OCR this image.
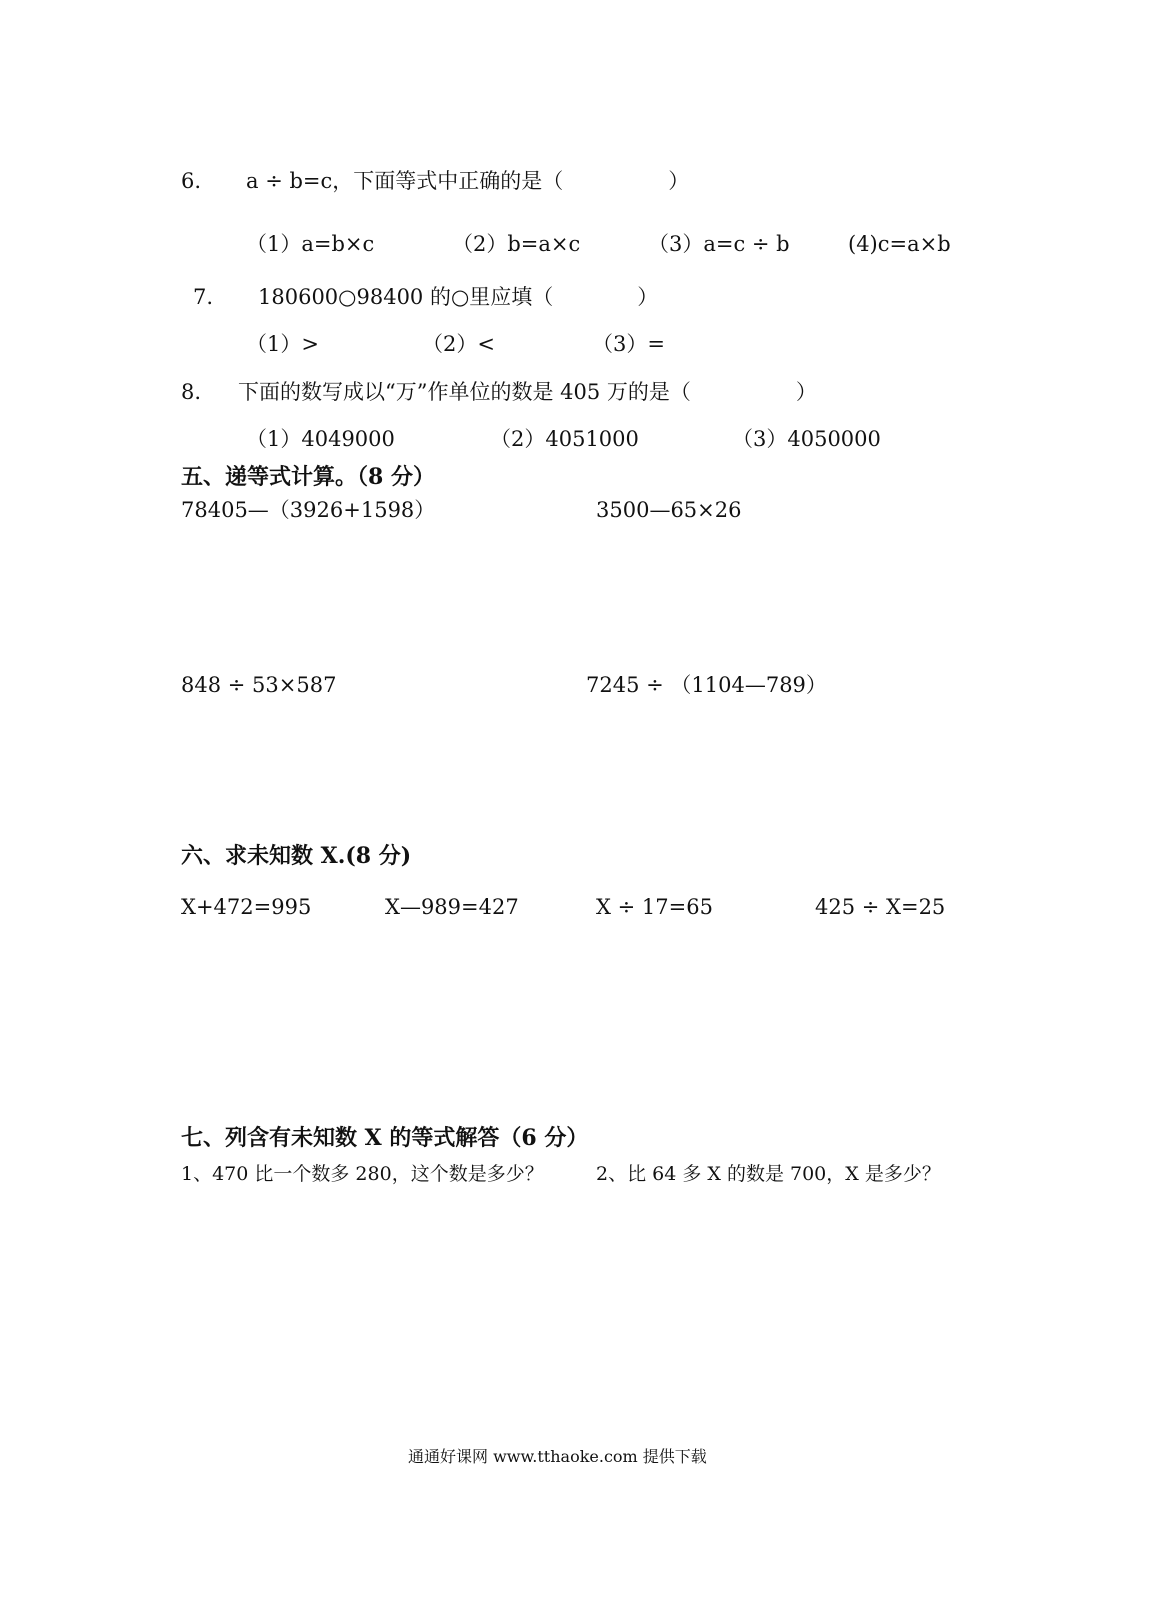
6. a ÷ b=c，下面等式中正确的是（　　　　　）
（1）a=b×c	（2）b=a×c	（3）a=c ÷ b	(4)c=a×b
7. 180600○98400 的○里应填（　　　　）
（1）>	（2）<	（3）=
8. 下面的数写成以“万”作单位的数是 405 万的是（　　　　　）
（1）4049000	（2）4051000	（3）4050000
五、递等式计算。（8 分）
78405—（3926+1598）	3500—65×26
848 ÷ 53×587	7245 ÷ （1104—789）
六、求未知数 X.(8 分)
X+472=995	X—989=427	X ÷ 17=65	425 ÷ X=25
七、列含有未知数 X 的等式解答（6 分）
1、470 比一个数多 280，这个数是多少？	2、比 64 多 X 的数是 700，X 是多少？
通通好课网 www.tthaoke.com 提供下载
